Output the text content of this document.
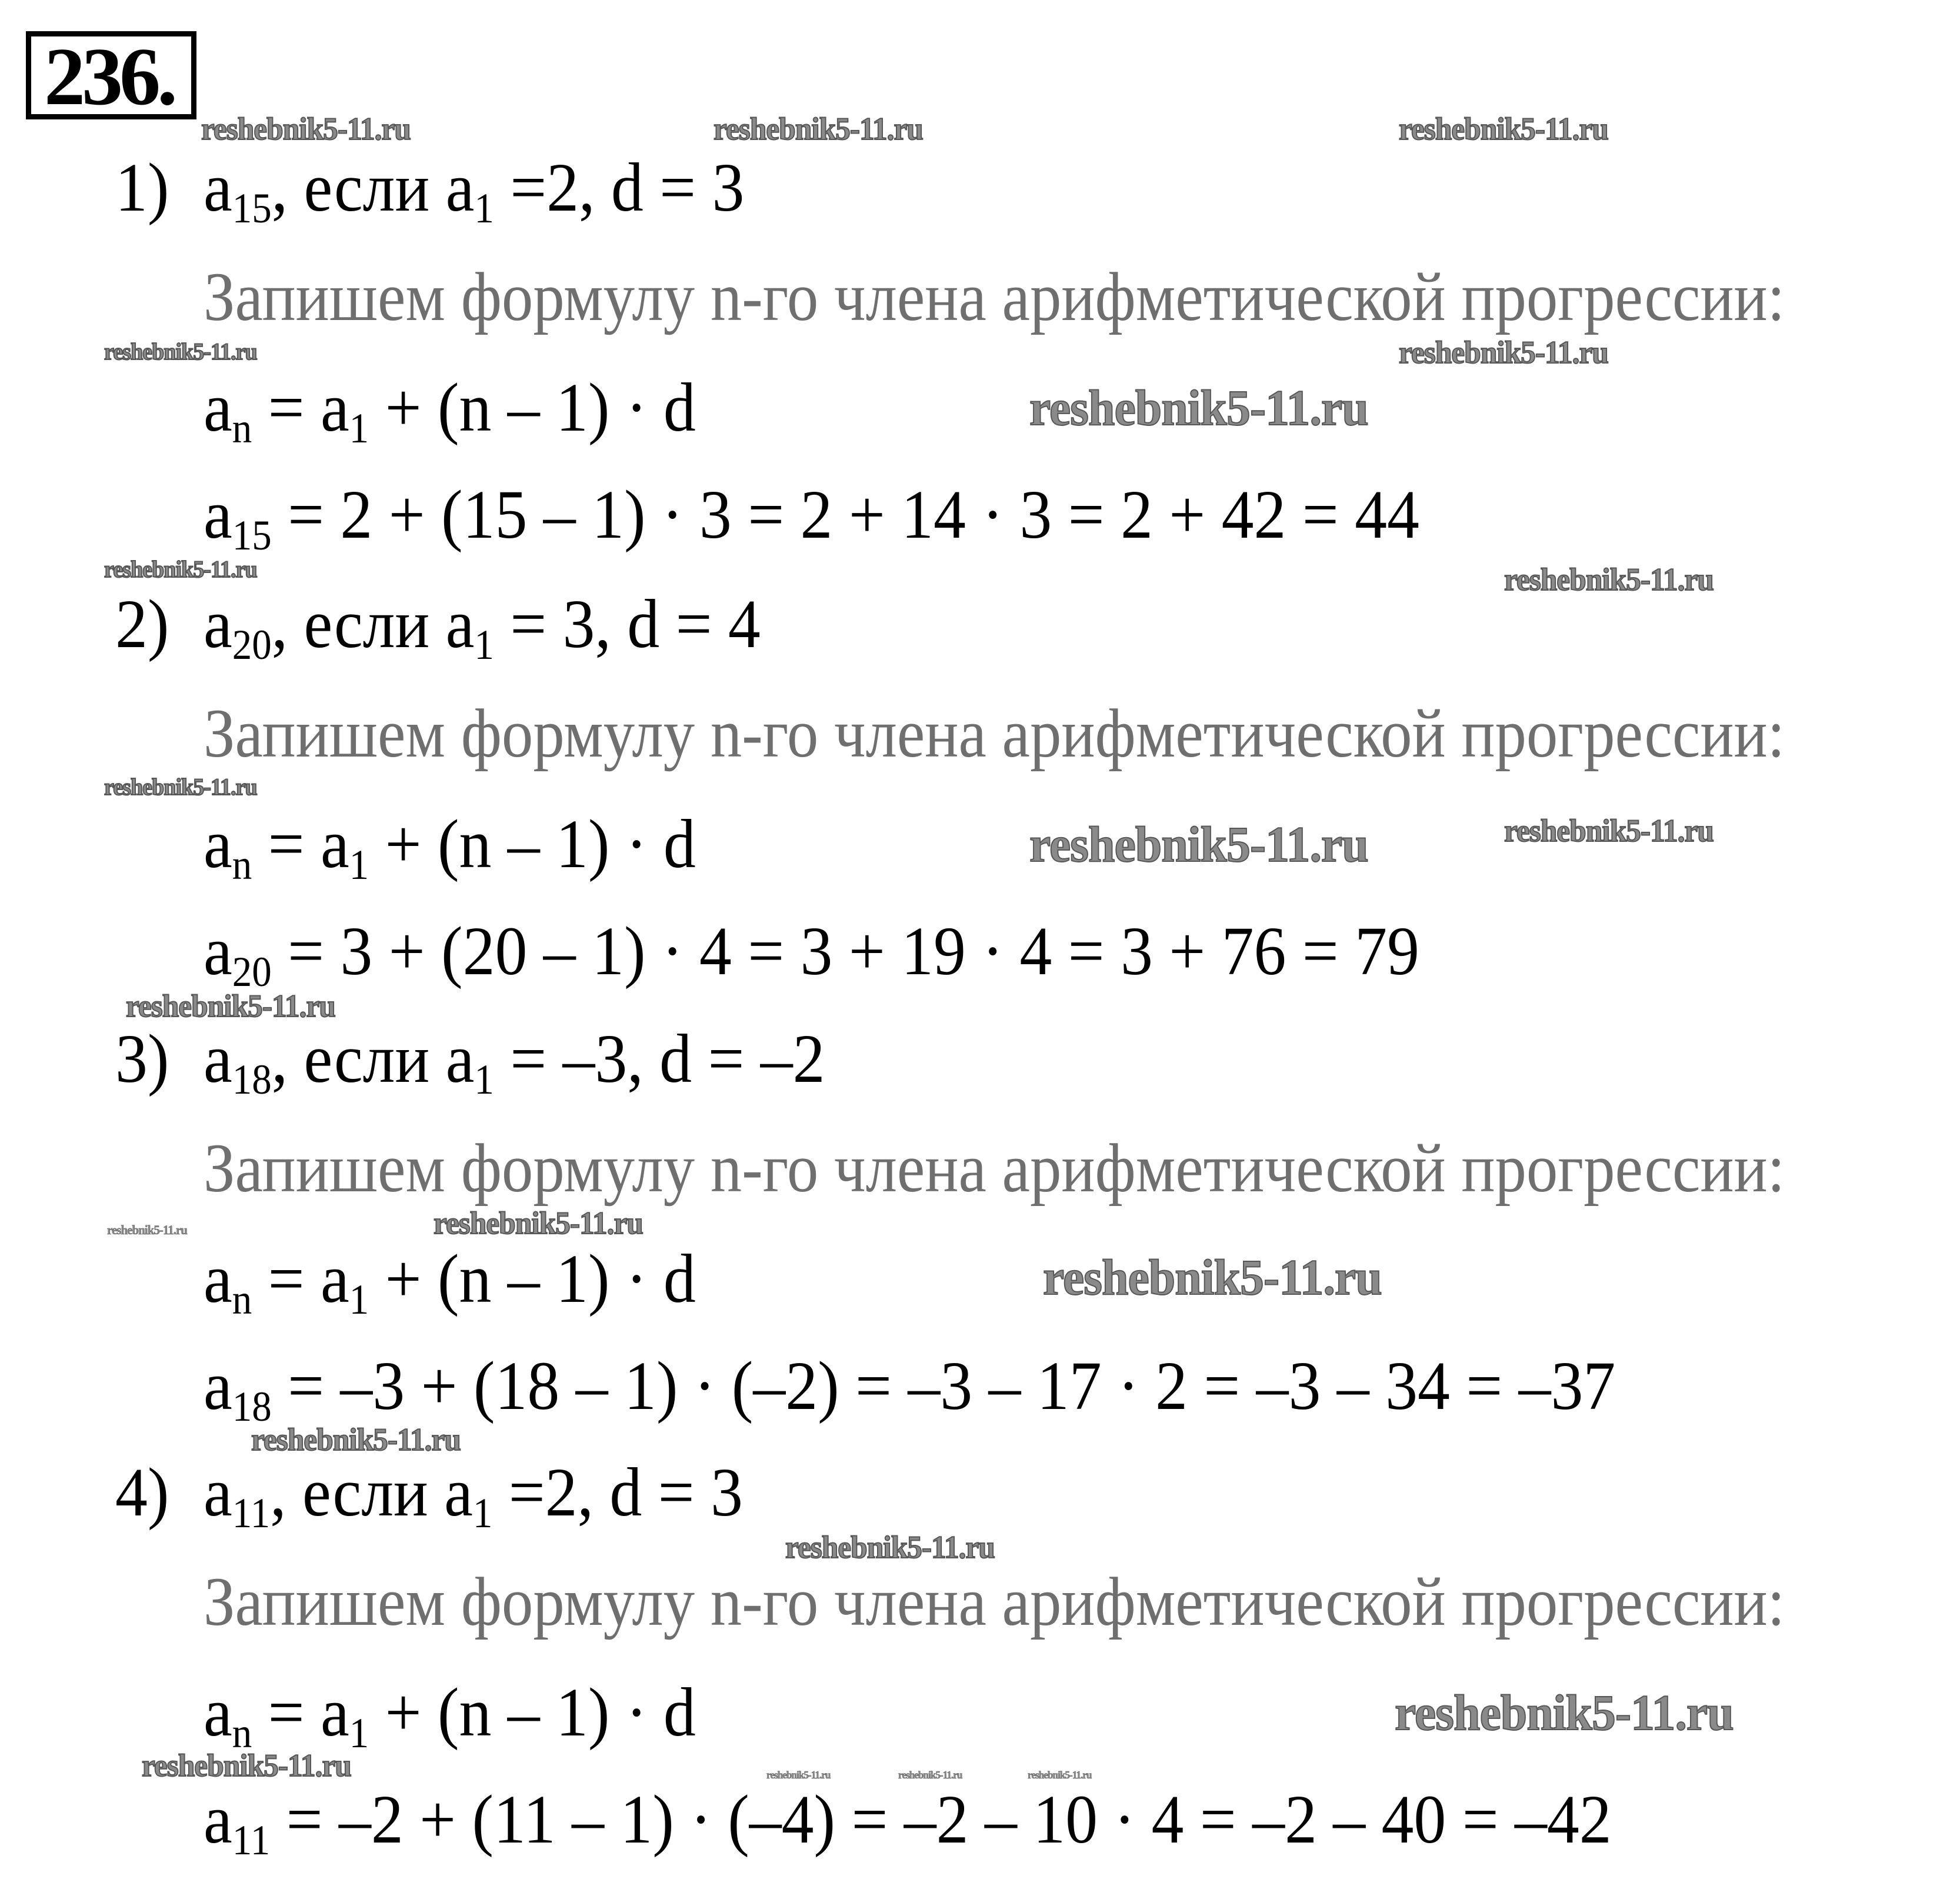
236.
1) $a_{15}$, если $a_1 =2$, d = 3
$a_n = a_1 + (n - 1) \cdot d$
$a_{15} = 2 + (15 - 1) \cdot 3 = 2 + 14 \cdot 3 = 2 + 42 = 44$
Запишем формулу n-го члена арифметической прогрессии:
2) $a_{20}$, если $a_1 = 3$, d = 4
$a_n = a_1 + (n - 1) \cdot d$
$a_{20} = 3 + (20 - 1) \cdot 4 = 3 + 19 \cdot 4 = 3 + 76 = 79$
Запишем формулу n-го члена арифметической прогрессии:
3) $a_{18}$, если $a_1 = -3$, d = –2
$a_n = a_1 + (n - 1) \cdot d$
$a_{18} = -3 + (18 - 1) \cdot (-2) = -3 - 17 \cdot 2 = -3 - 34 = -37$
Запишем формулу n-го члена арифметической прогрессии:
4) $a_{11}$, если $a_1 =2$, d = 3
$a_n = a_1 + (n - 1) \cdot d$
$a_{11} = -2 + (11 - 1) \cdot (-4) = -2 - 10 \cdot 4 = -2 - 40 = -42$
Запишем формулу n-го члена арифметической прогрессии:
reshebnik5-11.ru	reshebnik5-11.ru	reshebnik5-11.ru
reshebnik5-11.ru	reshebnik5-11.ru
reshebnik5-11.ru
reshebnik5-11.ru	reshebnik5-11.ru
reshebnik5-11.ru
reshebnik5-11.ru
reshebnik5-11.ru
reshebnik5-11.ru
reshebnik5-11.ru
reshebnik5-11.ru
reshebnik5-11.ru
reshebnik5-11.ru
reshebnik5-11.ru
reshebnik5-11.ru
reshebnik5-11.ru	reshebnik5-11.ru	reshebnik5-11.ru	reshebnik5-11.ru
